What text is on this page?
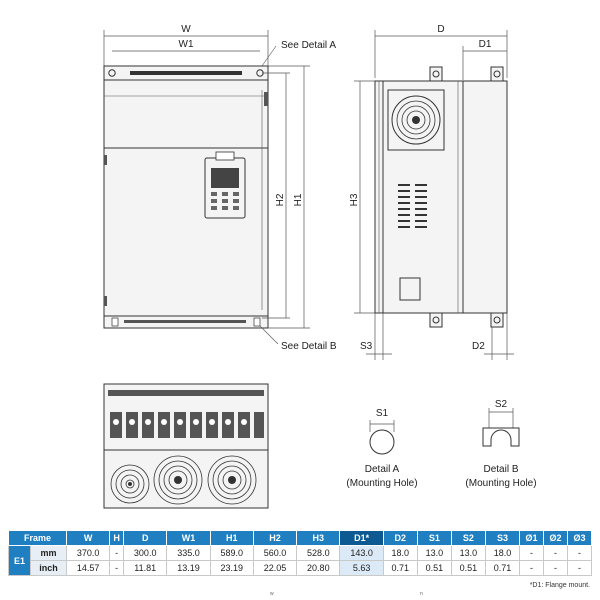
W
W1	See Detail A
H2 H1
See Detail B
D
D1
H3
S3	D2
S1
Detail A
(Mounting Hole)
S2
Detail B
(Mounting Hole)
Frame		W	H	D	W1	H1	H2	H3	D1*	D2	S1	S2	S3	Ø1	Ø2	Ø3
E1	mm	370.0	-	300.0	335.0	589.0	560.0	528.0	143.0	18.0	13.0	13.0	18.0	-	-	-
	inch	14.57	-	11.81	13.19	23.19	22.05	20.80	5.63	0.71	0.51	0.51	0.71	-	-	-
*D1: Flange mount.
w	n
